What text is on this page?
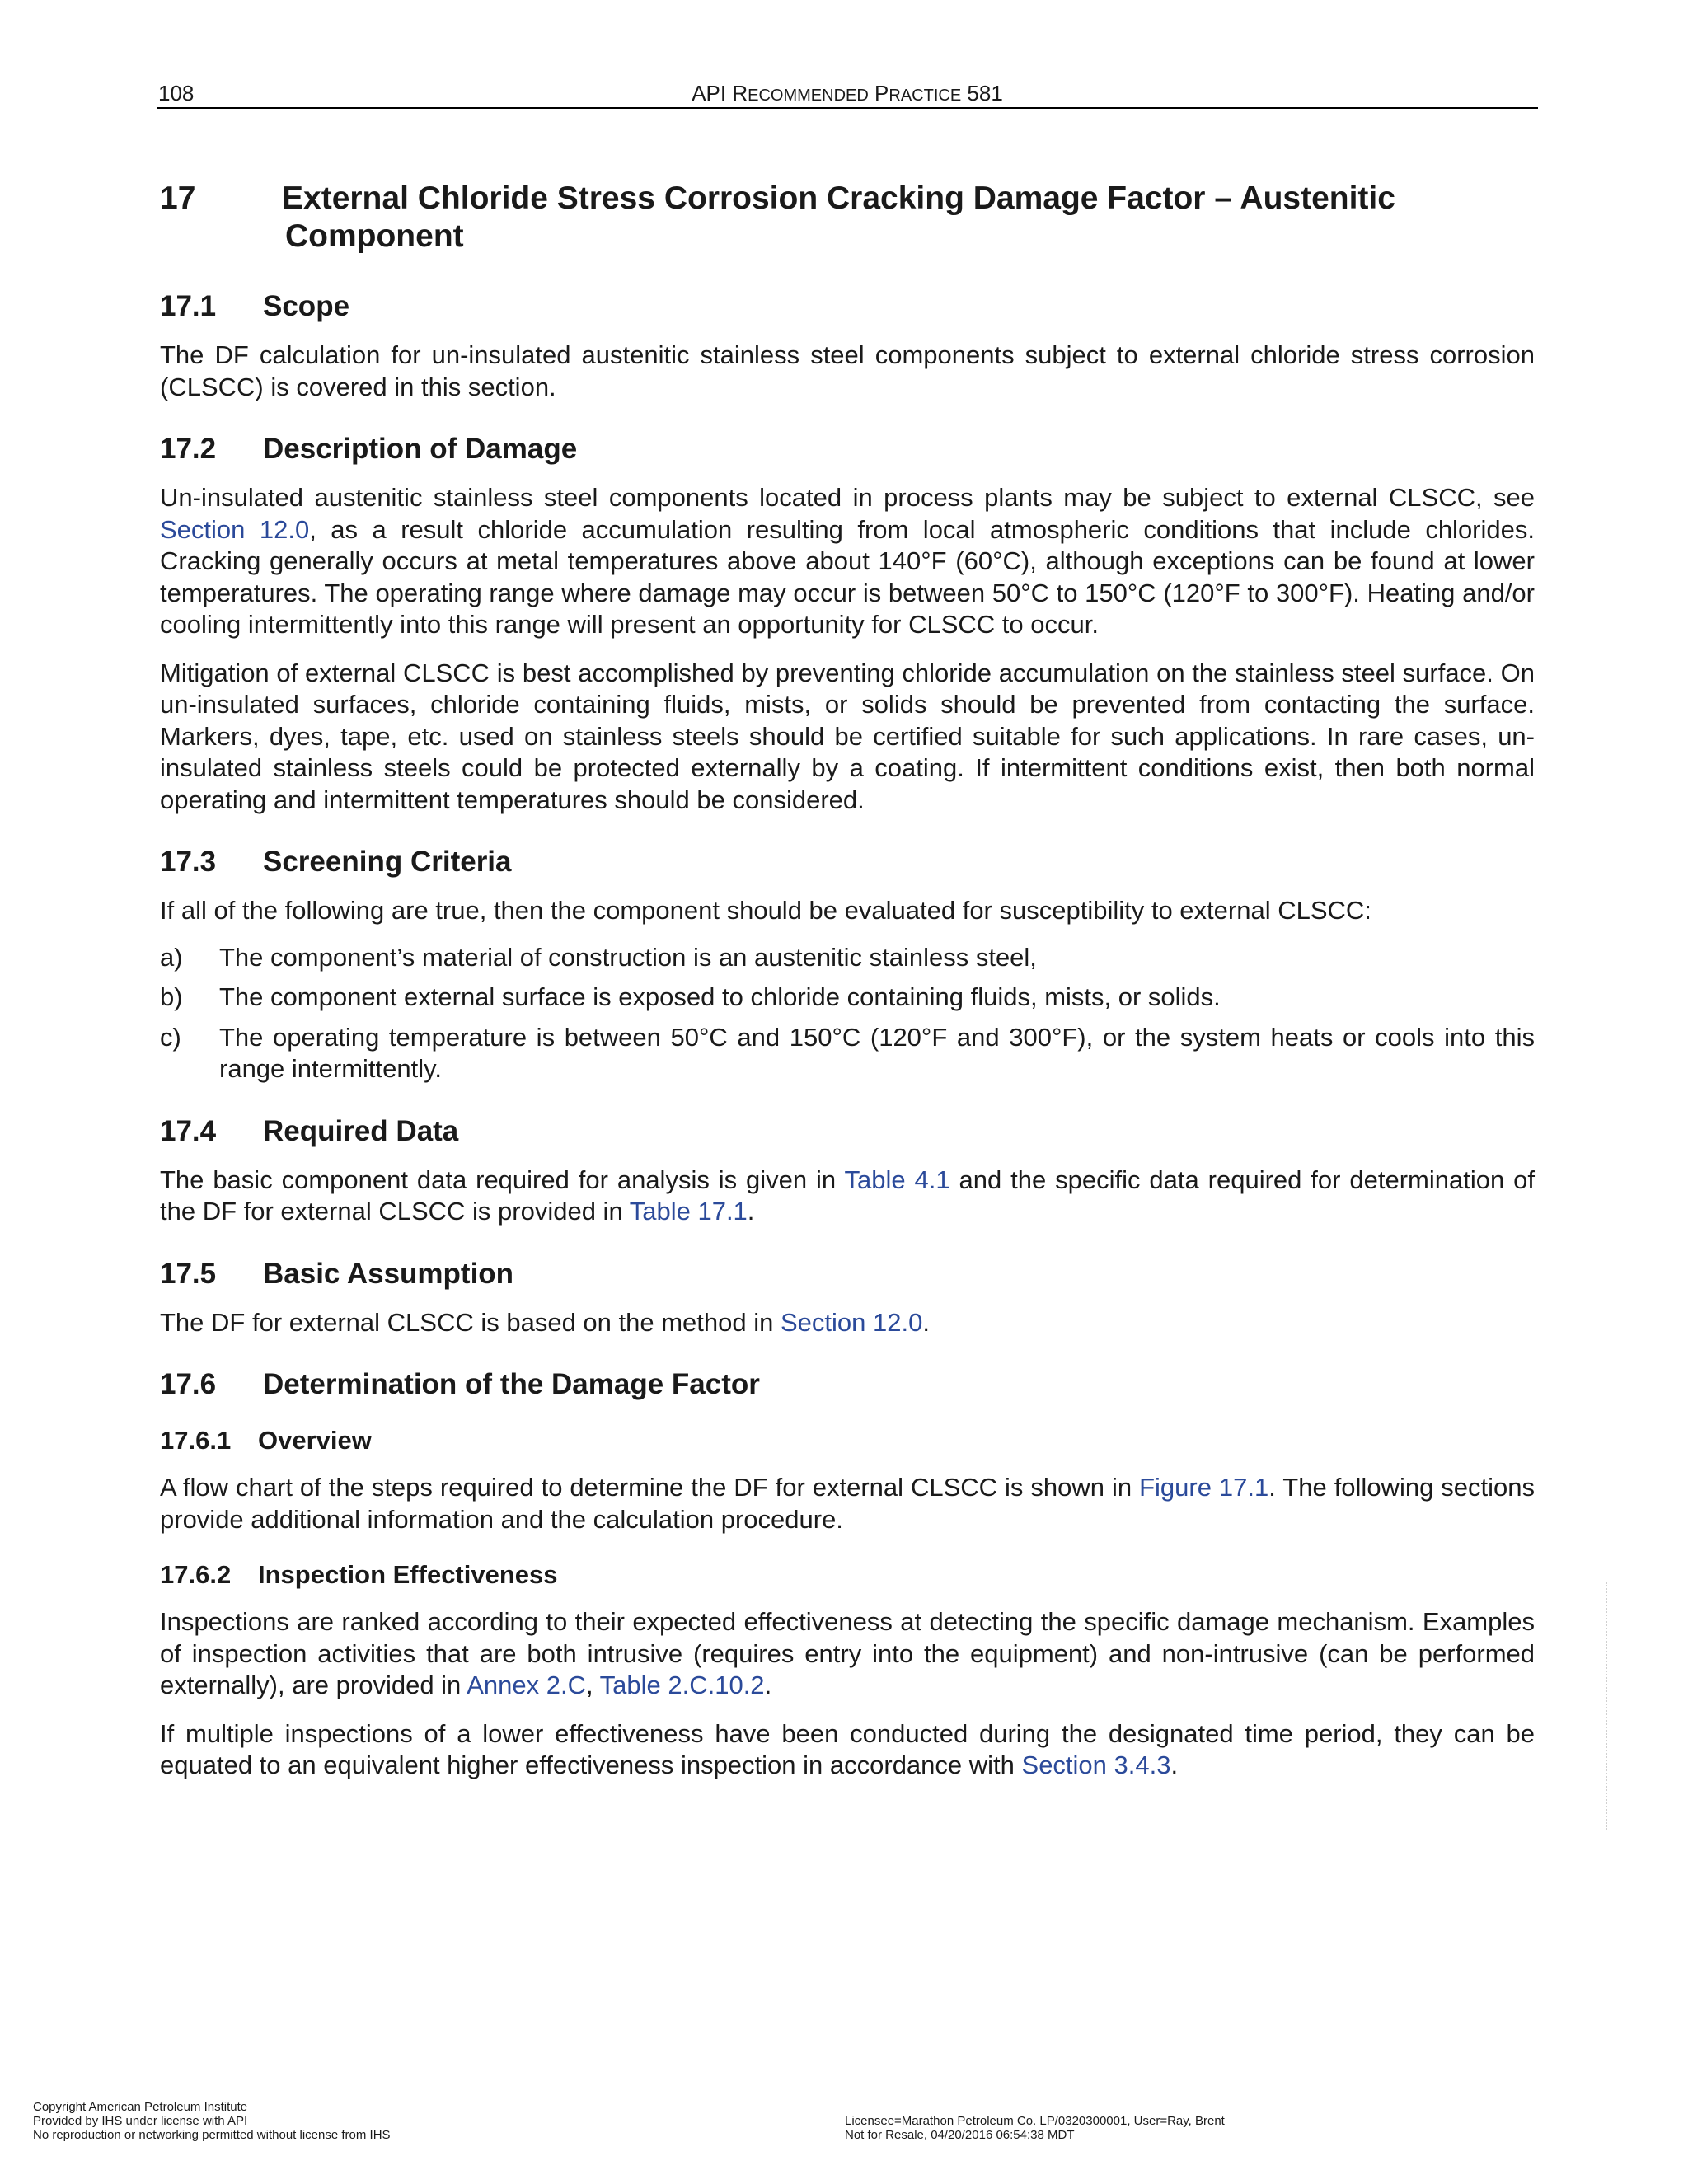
108	API RECOMMENDED PRACTICE 581
17	External Chloride Stress Corrosion Cracking Damage Factor – Austenitic
Component
17.1	Scope

The DF calculation for un-insulated austenitic stainless steel components subject to external chloride stress corrosion (CLSCC) is covered in this section.

17.2	Description of Damage

Un-insulated austenitic stainless steel components located in process plants may be subject to external CLSCC, see Section 12.0, as a result chloride accumulation resulting from local atmospheric conditions that include chlorides. Cracking generally occurs at metal temperatures above about 140°F (60°C), although exceptions can be found at lower temperatures. The operating range where damage may occur is between 50°C to 150°C (120°F to 300°F). Heating and/or cooling intermittently into this range will present an opportunity for CLSCC to occur.

Mitigation of external CLSCC is best accomplished by preventing chloride accumulation on the stainless steel surface. On un-insulated surfaces, chloride containing fluids, mists, or solids should be prevented from contacting the surface. Markers, dyes, tape, etc. used on stainless steels should be certified suitable for such applications. In rare cases, un-insulated stainless steels could be protected externally by a coating. If intermittent conditions exist, then both normal operating and intermittent temperatures should be considered.

17.3	Screening Criteria

If all of the following are true, then the component should be evaluated for susceptibility to external CLSCC:

a)	The component’s material of construction is an austenitic stainless steel,
b)	The component external surface is exposed to chloride containing fluids, mists, or solids.
c)	The operating temperature is between 50°C and 150°C (120°F and 300°F), or the system heats or cools into this range intermittently.
17.4	Required Data

The basic component data required for analysis is given in Table 4.1 and the specific data required for determination of the DF for external CLSCC is provided in Table 17.1.

17.5	Basic Assumption

The DF for external CLSCC is based on the method in Section 12.0.

17.6	Determination of the Damage Factor
17.6.1	Overview

A flow chart of the steps required to determine the DF for external CLSCC is shown in Figure 17.1. The following sections provide additional information and the calculation procedure.

17.6.2	Inspection Effectiveness

Inspections are ranked according to their expected effectiveness at detecting the specific damage mechanism. Examples of inspection activities that are both intrusive (requires entry into the equipment) and non-intrusive (can be performed externally), are provided in Annex 2.C, Table 2.C.10.2.

If multiple inspections of a lower effectiveness have been conducted during the designated time period, they can be equated to an equivalent higher effectiveness inspection in accordance with Section 3.4.3.

Copyright American Petroleum Institute
Provided by IHS under license with API
No reproduction or networking permitted without license from IHS
Licensee=Marathon Petroleum Co. LP/0320300001, User=Ray, Brent
Not for Resale, 04/20/2016 06:54:38 MDT
